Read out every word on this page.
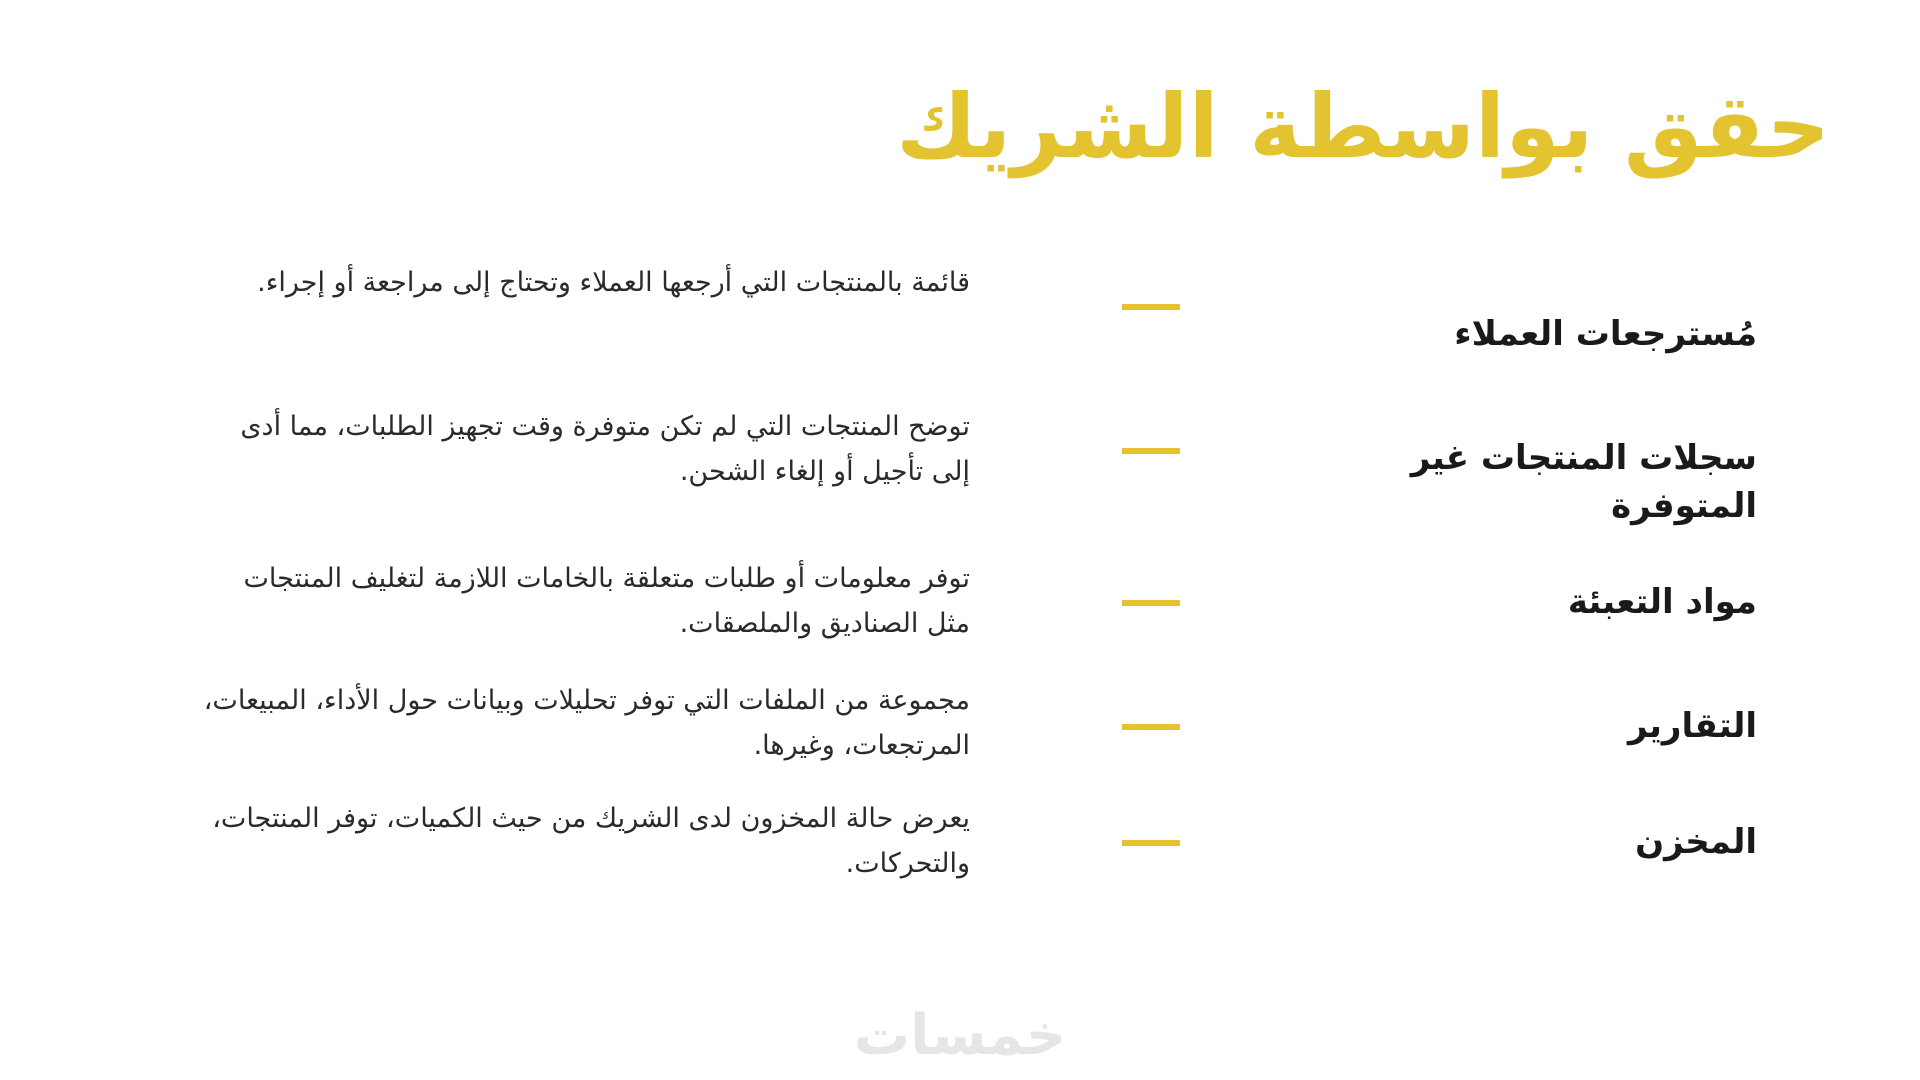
حقق بواسطة الشريك
مُسترجعات العملاء
قائمة بالمنتجات التي أرجعها العملاء وتحتاج إلى مراجعة أو إجراء.
سجلات المنتجات غير المتوفرة
توضح المنتجات التي لم تكن متوفرة وقت تجهيز الطلبات، مما أدى إلى تأجيل أو إلغاء الشحن.
مواد التعبئة
توفر معلومات أو طلبات متعلقة بالخامات اللازمة لتغليف المنتجات مثل الصناديق والملصقات.
التقارير
مجموعة من الملفات التي توفر تحليلات وبيانات حول الأداء، المبيعات، المرتجعات، وغيرها.
المخزن
يعرض حالة المخزون لدى الشريك من حيث الكميات، توفر المنتجات، والتحركات.
خمسات
